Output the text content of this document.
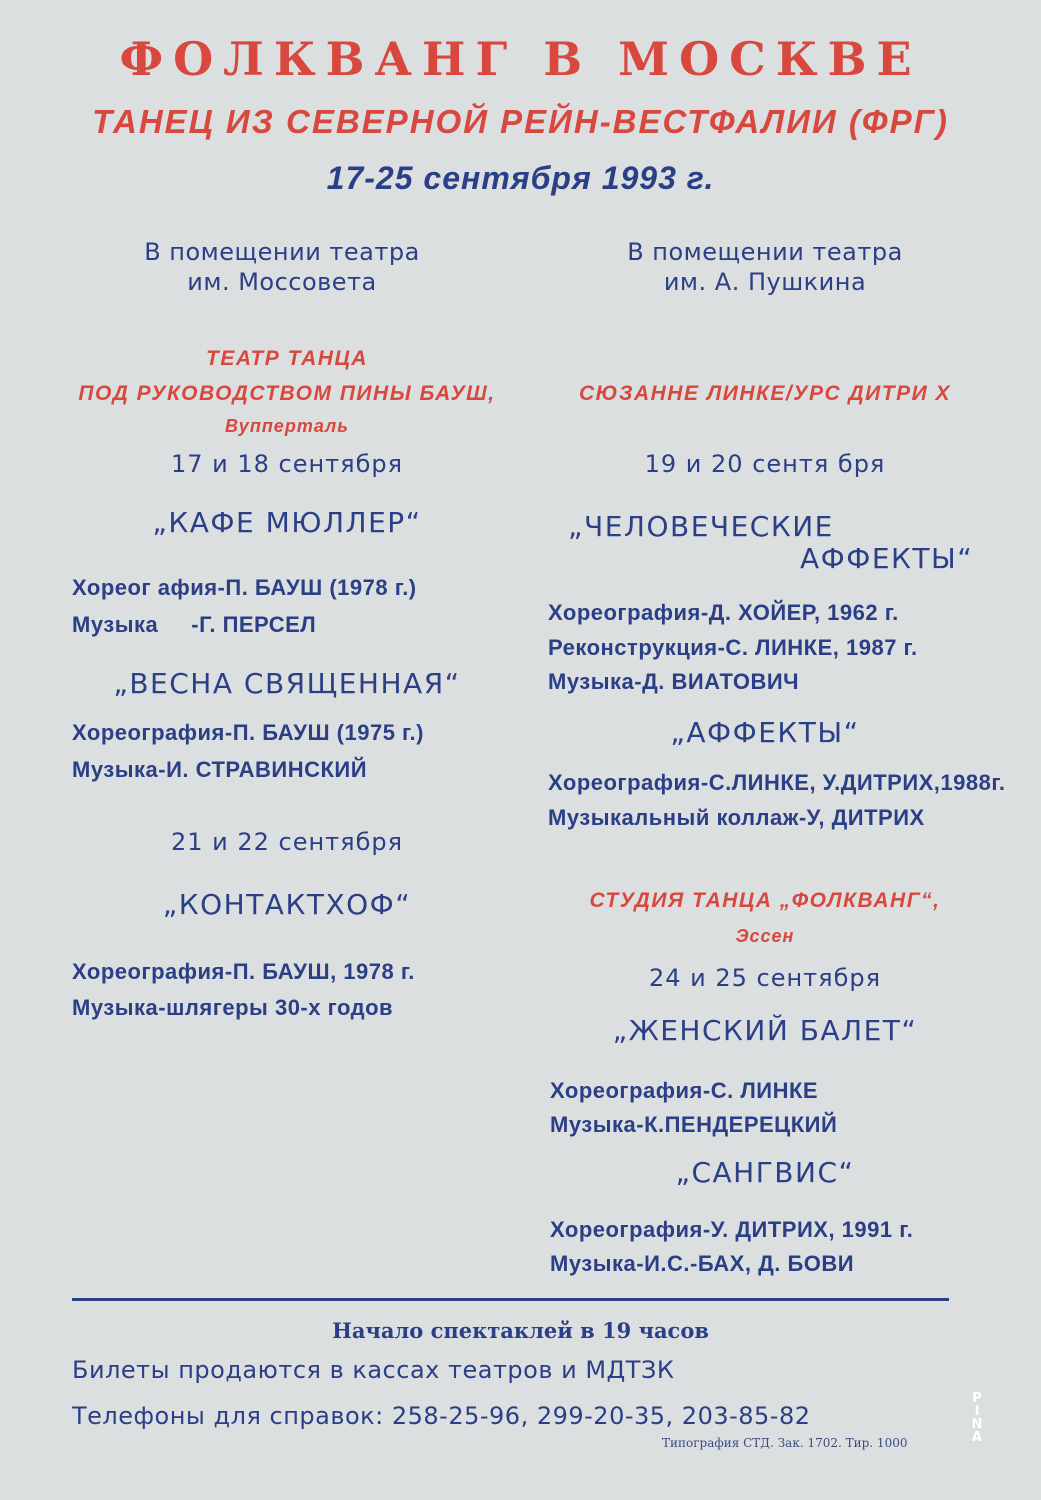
ФОЛКВАНГ В МОСКВЕ

ТАНЕЦ ИЗ СЕВЕРНОЙ РЕЙН-ВЕСТФАЛИИ (ФРГ)

17-25 сентября 1993 г.

В помещении театра

им. Моссовета

ТЕАТР ТАНЦА

ПОД РУКОВОДСТВОМ ПИНЫ БАУШ,

Вупперталь

17 и 18 сентября

„КАФЕ МЮЛЛЕР“

Хореог афия-П. БАУШ (1978 г.)

Музыка     -Г. ПЕРСЕЛ

„ВЕСНА СВЯЩЕННАЯ“

Хореография-П. БАУШ (1975 г.)

Музыка-И. СТРАВИНСКИЙ

21 и 22 сентября

„КОНТАКТХОФ“

Хореография-П. БАУШ, 1978 г.

Музыка-шлягеры 30-х годов

В помещении театра

им. А. Пушкина

СЮЗАННЕ ЛИНКЕ/УРС ДИТРИ Х

19 и 20 сентя бря

„ЧЕЛОВЕЧЕСКИЕ

АФФЕКТЫ“

Хореография-Д. ХОЙЕР, 1962 г.

Реконструкция-С. ЛИНКЕ, 1987 г.

Музыка-Д. ВИАТОВИЧ

„АФФЕКТЫ“

Хореография-С.ЛИНКЕ, У.ДИТРИХ,1988г.

Музыкальный коллаж-У, ДИТРИХ

СТУДИЯ ТАНЦА „ФОЛКВАНГ“,

Эссен

24 и 25 сентября

„ЖЕНСКИЙ БАЛЕТ“

Хореография-С. ЛИНКЕ

Музыка-К.ПЕНДЕРЕЦКИЙ

„САНГВИС“

Хореография-У. ДИТРИХ, 1991 г.

Музыка-И.С.-БАХ, Д. БОВИ

Начало спектаклей в 19 часов

Билеты продаются в кассах театров и МДТЗК

Телефоны для справок: 258-25-96, 299-20-35, 203-85-82

Типография СТД. Зак. 1702. Тир. 1000

P
I
N
A
